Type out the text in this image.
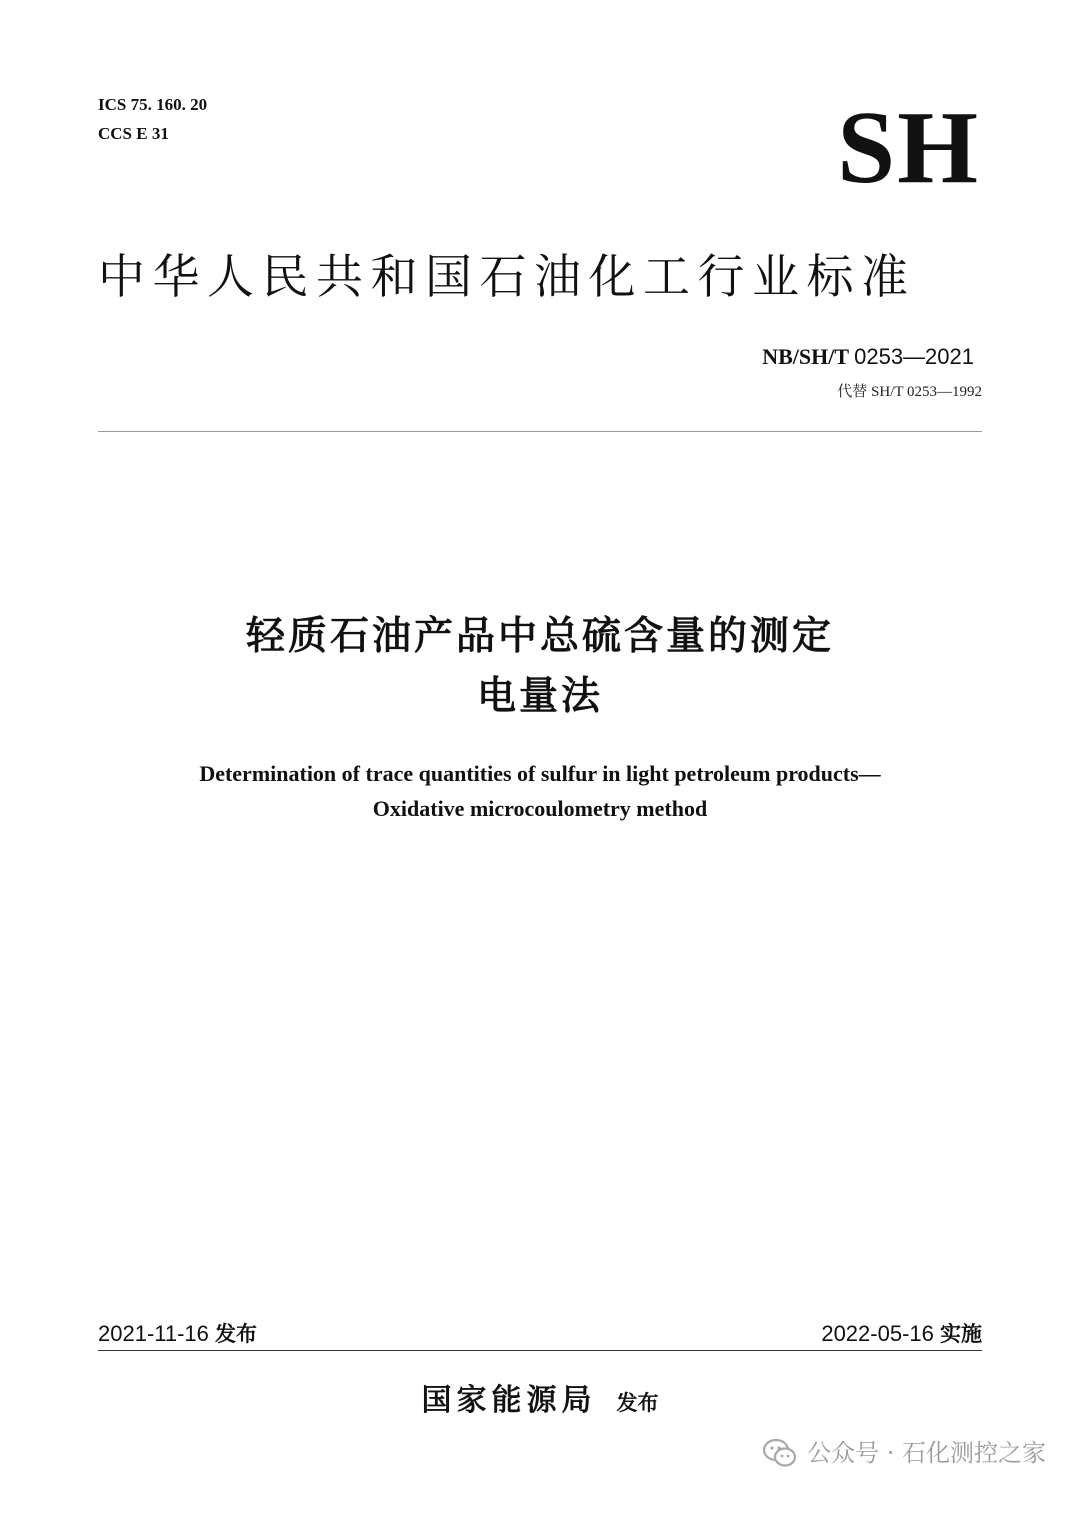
ICS 75. 160. 20
CCS E 31	SH
中华人民共和国石油化工行业标准
NB/SH/T 0253—2021
代替 SH/T 0253—1992
轻质石油产品中总硫含量的测定
电量法
Determination of trace quantities of sulfur in light petroleum products—
Oxidative microcoulometry method
2021-11-16 发布	2022-05-16 实施
国家能源局 发布
公众号 · 石化测控之家
